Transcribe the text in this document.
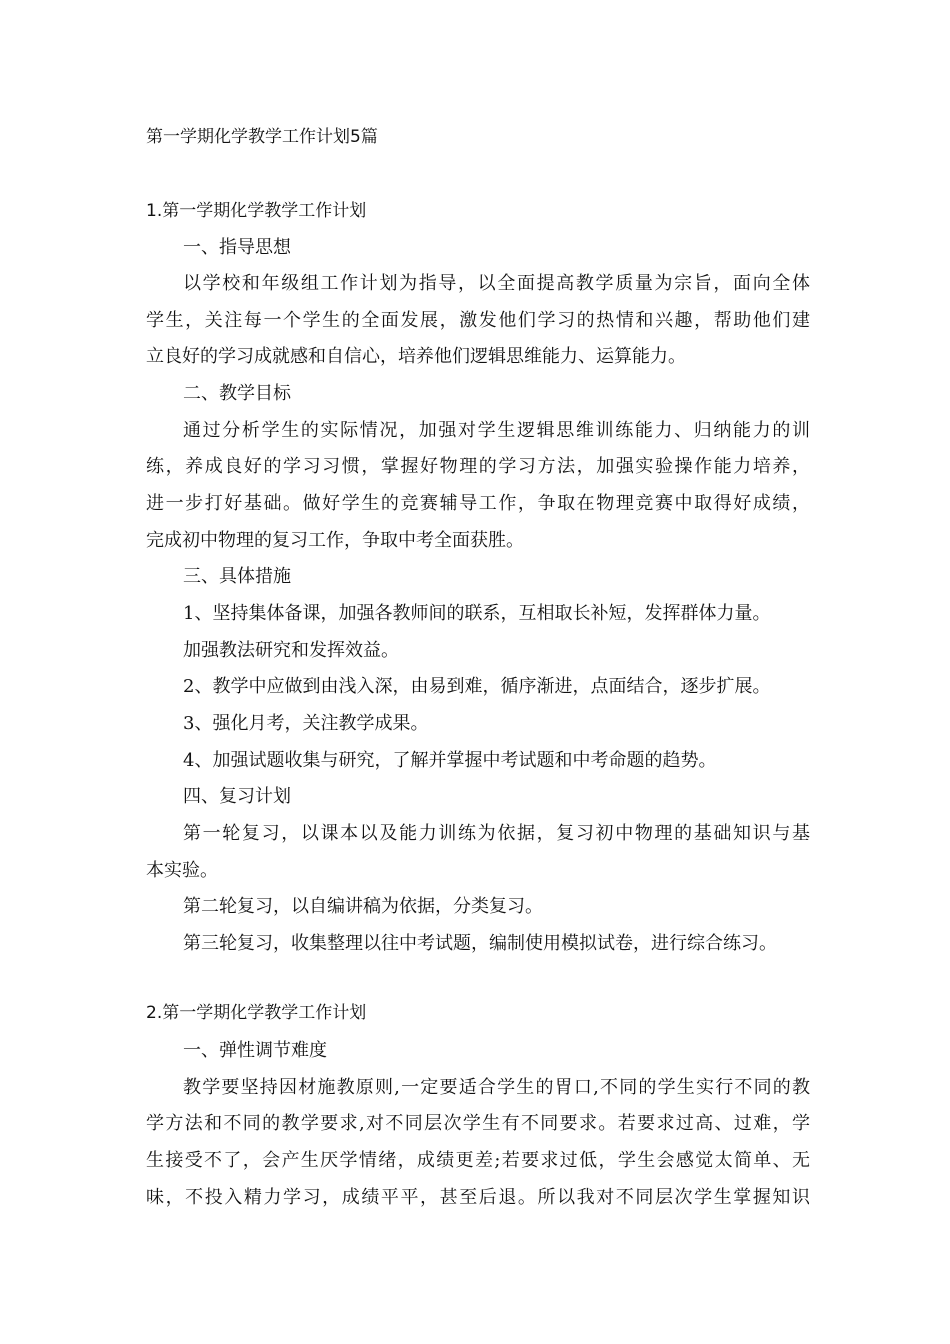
第一学期化学教学工作计划5篇
1.第一学期化学教学工作计划
一、指导思想
以学校和年级组工作计划为指导，以全面提高教学质量为宗旨，面向全体
学生，关注每一个学生的全面发展，激发他们学习的热情和兴趣，帮助他们建
立良好的学习成就感和自信心，培养他们逻辑思维能力、运算能力。
二、教学目标
通过分析学生的实际情况，加强对学生逻辑思维训练能力、归纳能力的训
练，养成良好的学习习惯，掌握好物理的学习方法，加强实验操作能力培养，
进一步打好基础。做好学生的竞赛辅导工作，争取在物理竞赛中取得好成绩，
完成初中物理的复习工作，争取中考全面获胜。
三、具体措施
1、坚持集体备课，加强各教师间的联系，互相取长补短，发挥群体力量。
加强教法研究和发挥效益。
2、教学中应做到由浅入深，由易到难，循序渐进，点面结合，逐步扩展。
3、强化月考，关注教学成果。
4、加强试题收集与研究，了解并掌握中考试题和中考命题的趋势。
四、复习计划
第一轮复习，以课本以及能力训练为依据，复习初中物理的基础知识与基
本实验。
第二轮复习，以自编讲稿为依据，分类复习。
第三轮复习，收集整理以往中考试题，编制使用模拟试卷，进行综合练习。
2.第一学期化学教学工作计划
一、弹性调节难度
教学要坚持因材施教原则,一定要适合学生的胃口,不同的学生实行不同的教
学方法和不同的教学要求,对不同层次学生有不同要求。若要求过高、过难，学
生接受不了，会产生厌学情绪，成绩更差;若要求过低，学生会感觉太简单、无
味，不投入精力学习，成绩平平，甚至后退。所以我对不同层次学生掌握知识
